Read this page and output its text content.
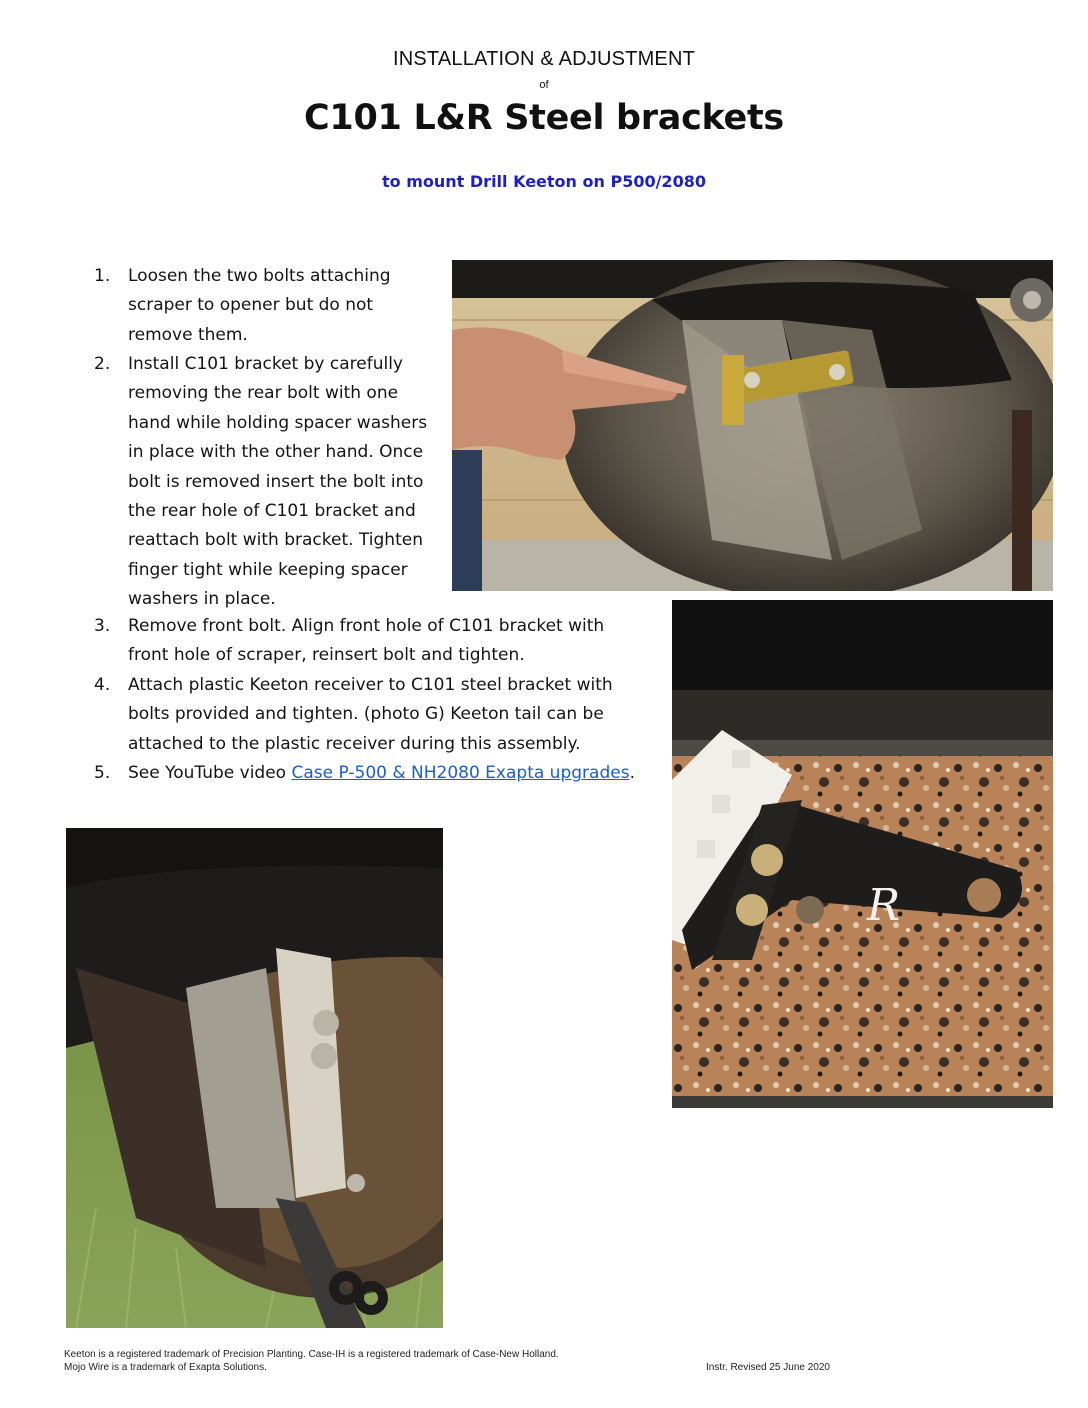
INSTALLATION & ADJUSTMENT
of
C101 L&R Steel brackets
to mount Drill Keeton on P500/2080
1.	Loosen the two bolts attaching
scraper to opener but do not
remove them.
2.	Install C101 bracket by carefully
removing the rear bolt with one
hand while holding spacer washers
in place with the other hand. Once
bolt is removed insert the bolt into
the rear hole of C101 bracket and
reattach bolt with bracket. Tighten
finger tight while keeping spacer
washers in place.
3.	Remove front bolt. Align front hole of C101 bracket with
front hole of scraper, reinsert bolt and tighten.
4.	Attach plastic Keeton receiver to C101 steel bracket with
bolts provided and tighten. (photo G) Keeton tail can be
attached to the plastic receiver during this assembly.
5.	See YouTube video Case P-500 & NH2080 Exapta upgrades.
R
Keeton is a registered trademark of Precision Planting. Case-IH is a registered trademark of Case-New Holland.
Mojo Wire is a trademark of Exapta Solutions.	Instr. Revised 25 June 2020
